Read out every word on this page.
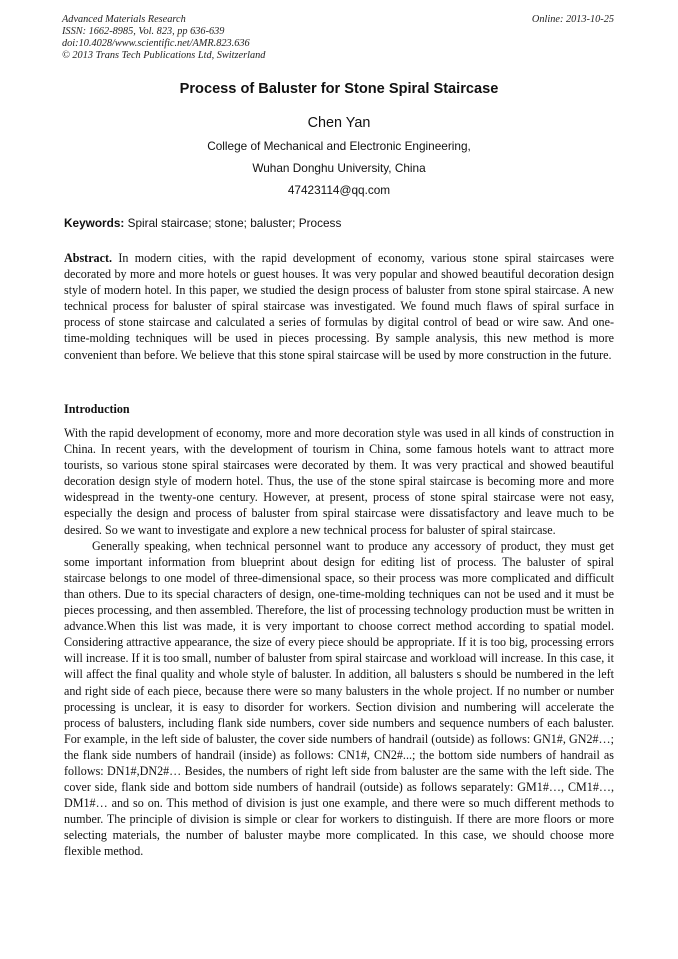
Advanced Materials Research
ISSN: 1662-8985, Vol. 823, pp 636-639
doi:10.4028/www.scientific.net/AMR.823.636
© 2013 Trans Tech Publications Ltd, Switzerland
Online: 2013-10-25
Process of Baluster for Stone Spiral Staircase
Chen Yan
College of Mechanical and Electronic Engineering,
Wuhan Donghu University, China
47423114@qq.com
Keywords: Spiral staircase; stone; baluster; Process
Abstract. In modern cities, with the rapid development of economy, various stone spiral staircases were decorated by more and more hotels or guest houses. It was very popular and showed beautiful decoration design style of modern hotel. In this paper, we studied the design process of baluster from stone spiral staircase. A new technical process for baluster of spiral staircase was investigated. We found much flaws of spiral surface in process of stone staircase and calculated a series of formulas by digital control of bead or wire saw. And one-time-molding techniques will be used in pieces processing. By sample analysis, this new method is more convenient than before. We believe that this stone spiral staircase will be used by more construction in the future.
Introduction

With the rapid development of economy, more and more decoration style was used in all kinds of construction in China. In recent years, with the development of tourism in China, some famous hotels want to attract more tourists, so various stone spiral staircases were decorated by them. It was very practical and showed beautiful decoration design style of modern hotel. Thus, the use of the stone spiral staircase is becoming more and more widespread in the twenty-one century. However, at present, process of stone spiral staircase were not easy, especially the design and process of baluster from spiral staircase were dissatisfactory and leave much to be desired. So we want to investigate and explore a new technical process for baluster of spiral staircase.

Generally speaking, when technical personnel want to produce any accessory of product, they must get some important information from blueprint about design for editing list of process. The baluster of spiral staircase belongs to one model of three-dimensional space, so their process was more complicated and difficult than others. Due to its special characters of design, one-time-molding techniques can not be used and it must be pieces processing, and then assembled. Therefore, the list of processing technology production must be written in advance.When this list was made, it is very important to choose correct method according to spatial model. Considering attractive appearance, the size of every piece should be appropriate. If it is too big, processing errors will increase. If it is too small, number of baluster from spiral staircase and workload will increase. In this case, it will affect the final quality and whole style of baluster. In addition, all balusters s should be numbered in the left and right side of each piece, because there were so many balusters in the whole project. If no number or number processing is unclear, it is easy to disorder for workers. Section division and numbering will accelerate the process of balusters, including flank side numbers, cover side numbers and sequence numbers of each baluster. For example, in the left side of baluster, the cover side numbers of handrail (outside) as follows: GN1#, GN2#…; the flank side numbers of handrail (inside) as follows: CN1#, CN2#...; the bottom side numbers of handrail as follows: DN1#,DN2#… Besides, the numbers of right left side from baluster are the same with the left side. The cover side, flank side and bottom side numbers of handrail (outside) as follows separately: GM1#…, CM1#…, DM1#… and so on. This method of division is just one example, and there were so much different methods to number. The principle of division is simple or clear for workers to distinguish. If there are more floors or more selecting materials, the number of baluster maybe more complicated. In this case, we should choose more flexible method.
